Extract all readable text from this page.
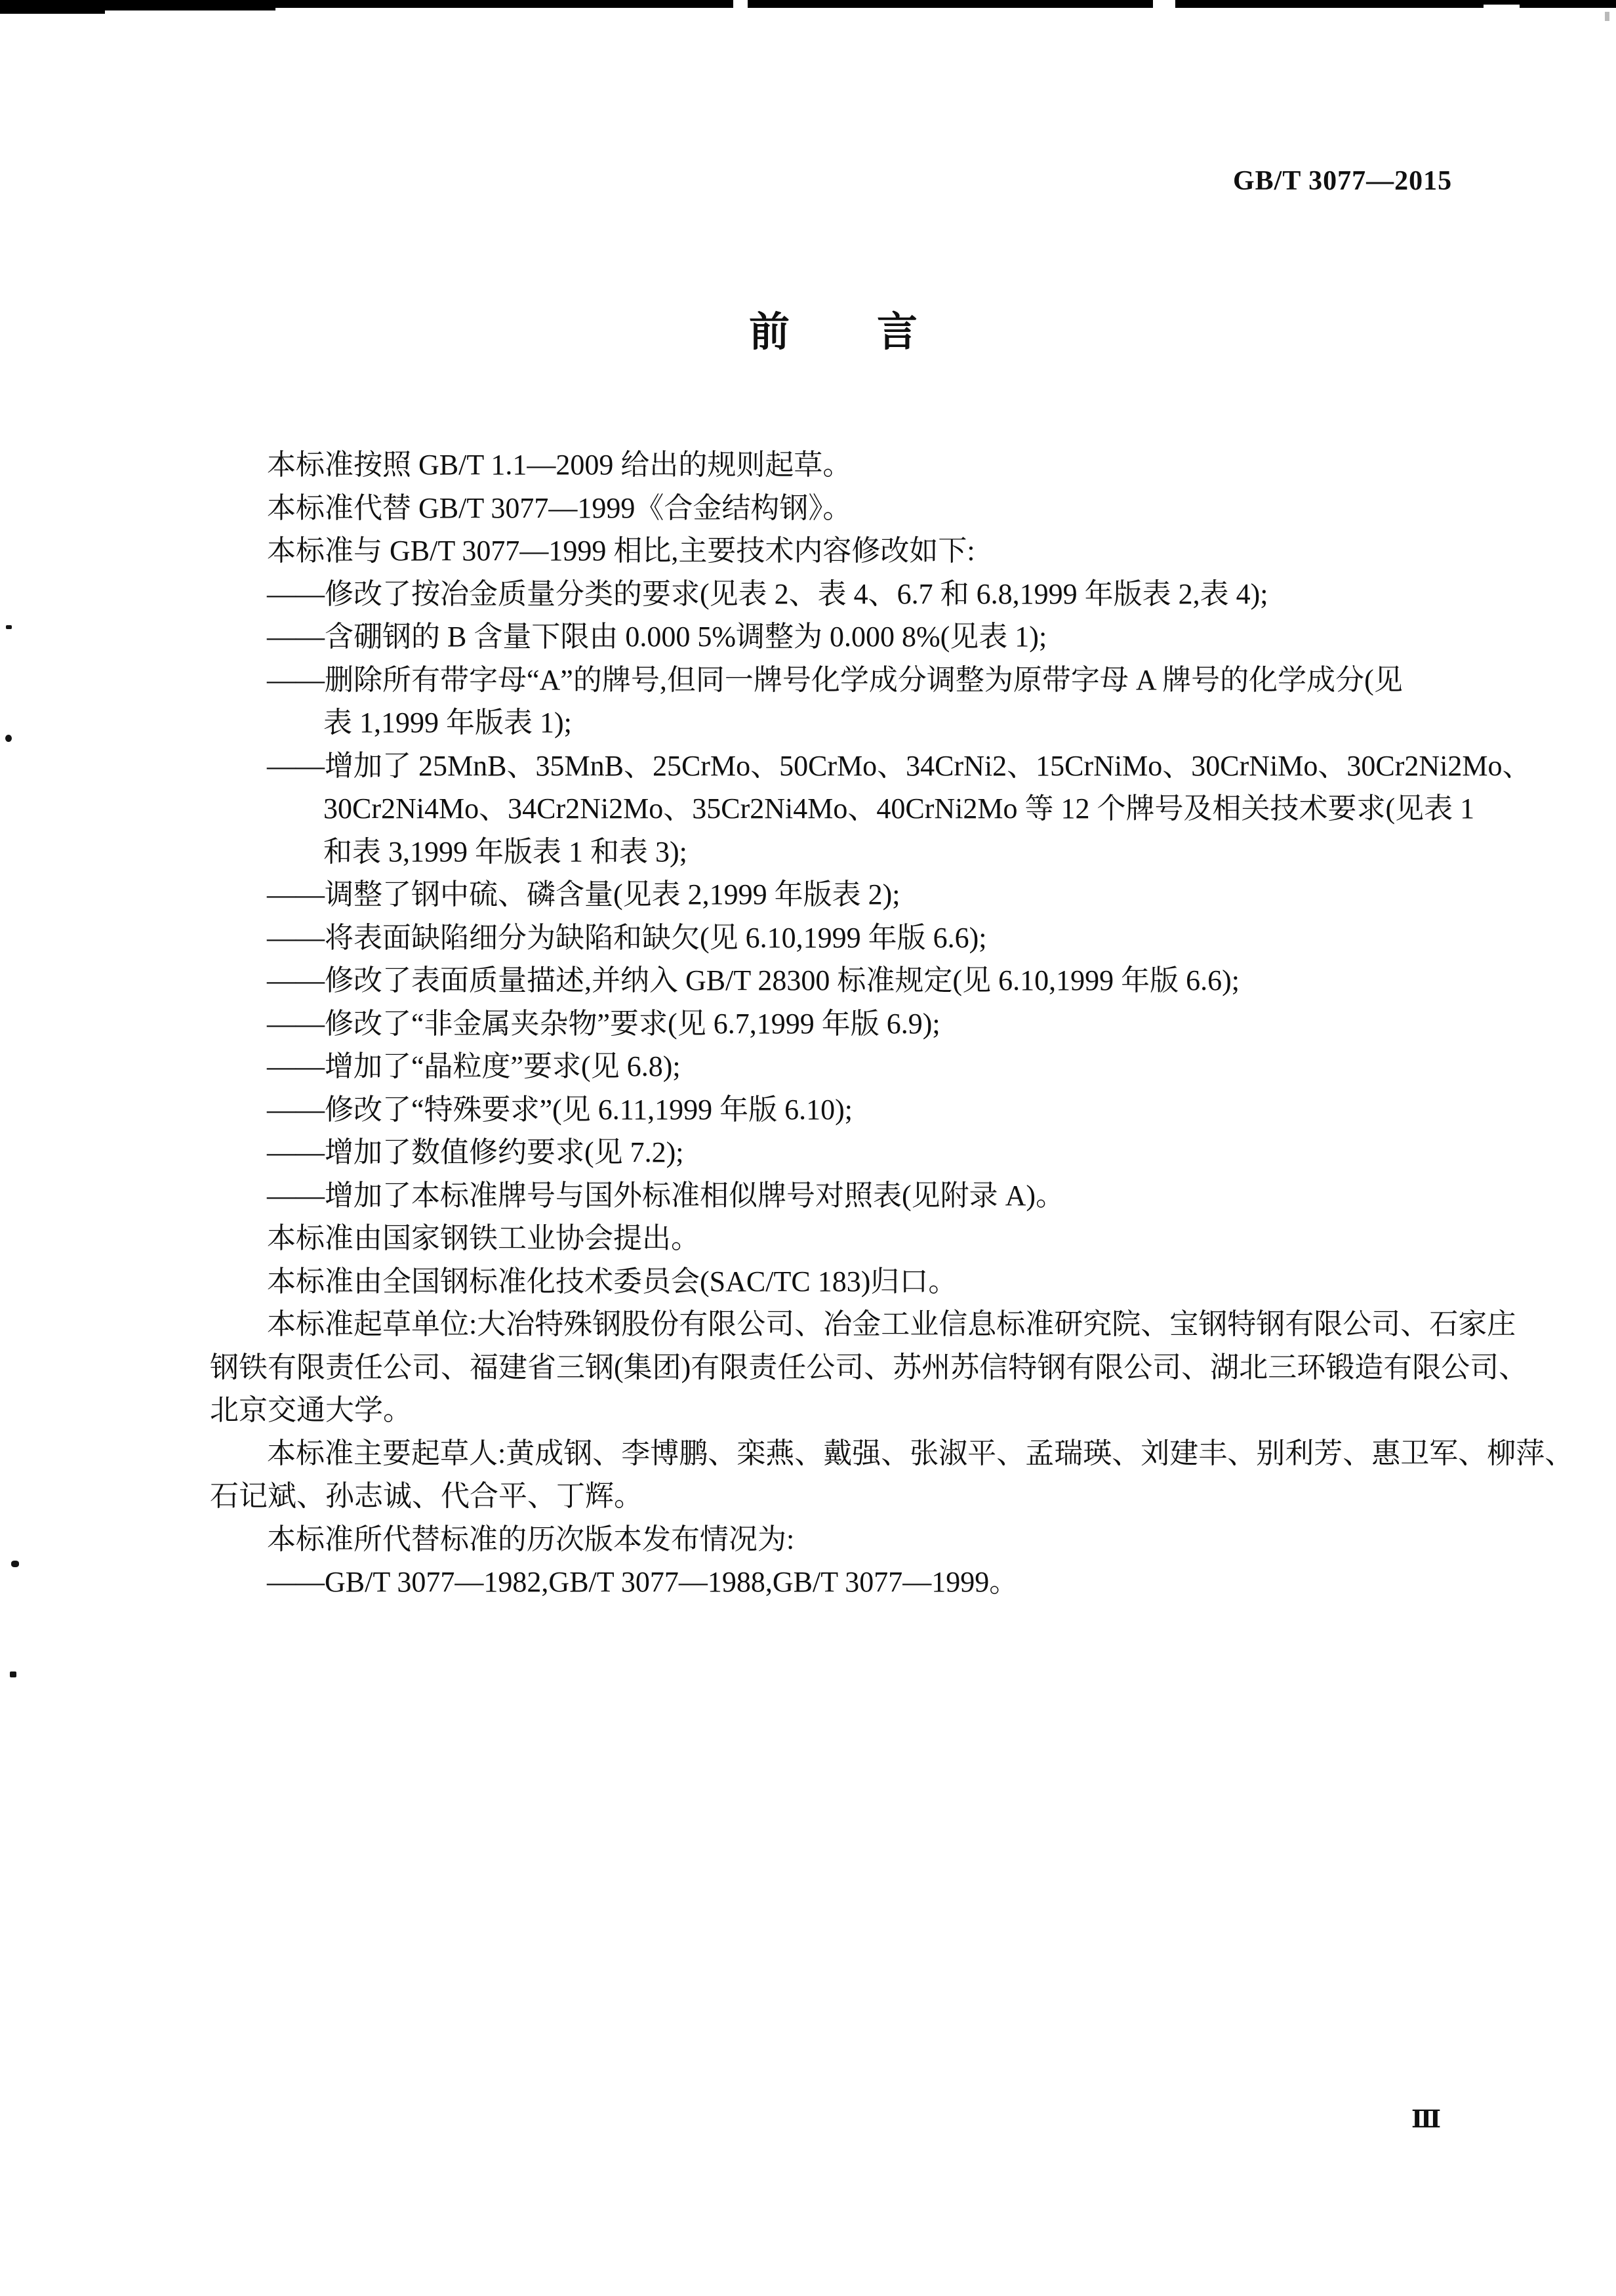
GB/T 3077—2015
前 言
本标准按照 GB/T 1.1—2009 给出的规则起草。
本标准代替 GB/T 3077—1999《合金结构钢》。
本标准与 GB/T 3077—1999 相比,主要技术内容修改如下:
——修改了按冶金质量分类的要求(见表 2、表 4、6.7 和 6.8,1999 年版表 2,表 4);
——含硼钢的 B 含量下限由 0.000 5%调整为 0.000 8%(见表 1);
——删除所有带字母“A”的牌号,但同一牌号化学成分调整为原带字母 A 牌号的化学成分(见
表 1,1999 年版表 1);
——增加了 25MnB、35MnB、25CrMo、50CrMo、34CrNi2、15CrNiMo、30CrNiMo、30Cr2Ni2Mo、
30Cr2Ni4Mo、34Cr2Ni2Mo、35Cr2Ni4Mo、40CrNi2Mo 等 12 个牌号及相关技术要求(见表 1
和表 3,1999 年版表 1 和表 3);
——调整了钢中硫、磷含量(见表 2,1999 年版表 2);
——将表面缺陷细分为缺陷和缺欠(见 6.10,1999 年版 6.6);
——修改了表面质量描述,并纳入 GB/T 28300 标准规定(见 6.10,1999 年版 6.6);
——修改了“非金属夹杂物”要求(见 6.7,1999 年版 6.9);
——增加了“晶粒度”要求(见 6.8);
——修改了“特殊要求”(见 6.11,1999 年版 6.10);
——增加了数值修约要求(见 7.2);
——增加了本标准牌号与国外标准相似牌号对照表(见附录 A)。
本标准由国家钢铁工业协会提出。
本标准由全国钢标准化技术委员会(SAC/TC 183)归口。
本标准起草单位:大冶特殊钢股份有限公司、冶金工业信息标准研究院、宝钢特钢有限公司、石家庄
钢铁有限责任公司、福建省三钢(集团)有限责任公司、苏州苏信特钢有限公司、湖北三环锻造有限公司、
北京交通大学。
本标准主要起草人:黄成钢、李博鹏、栾燕、戴强、张淑平、孟瑞瑛、刘建丰、别利芳、惠卫军、柳萍、
石记斌、孙志诚、代合平、丁辉。
本标准所代替标准的历次版本发布情况为:
——GB/T 3077—1982,GB/T 3077—1988,GB/T 3077—1999。
Ⅲ
